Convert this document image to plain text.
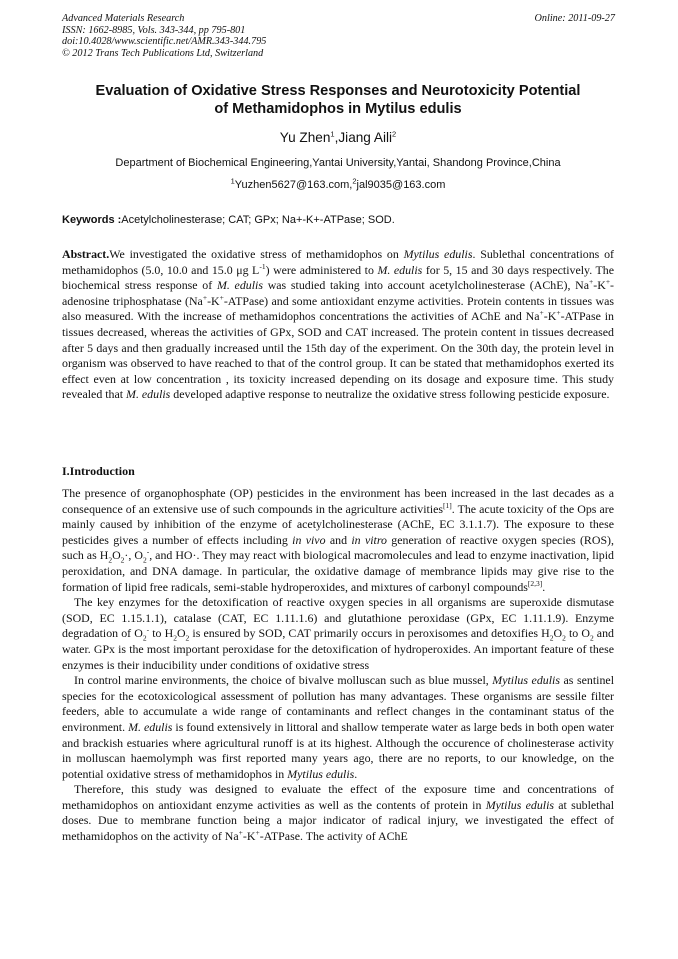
Advanced Materials Research
ISSN: 1662-8985, Vols. 343-344, pp 795-801
doi:10.4028/www.scientific.net/AMR.343-344.795
© 2012 Trans Tech Publications Ltd, Switzerland
Online: 2011-09-27
Evaluation of Oxidative Stress Responses and Neurotoxicity Potential
of Methamidophos in Mytilus edulis
Yu Zhen$^1$,Jiang Aili$^2$
Department of Biochemical Engineering,Yantai University,Yantai, Shandong Province,China
$^1$Yuzhen5627@163.com,$^2$jal9035@163.com
Keywords :Acetylcholinesterase; CAT; GPx; Na+-K+-ATPase; SOD.

Abstract.We investigated the oxidative stress of methamidophos on Mytilus edulis. Sublethal concentrations of methamidophos (5.0, 10.0 and 15.0 μg $L^{-1}$) were administered to M. edulis for 5, 15 and 30 days respectively. The biochemical stress response of M. edulis was studied taking into account acetylcholinesterase (AChE), Na+-K+-adenosine triphosphatase (Na+-K+-ATPase) and some antioxidant enzyme activities. Protein contents in tissues was also measured. With the increase of methamidophos concentrations the activities of AChE and Na+-K+-ATPase in tissues decreased, whereas the activities of GPx, SOD and CAT increased. The protein content in tissues decreased after 5 days and then gradually increased until the 15th day of the experiment. On the 30th day, the protein level in organism was observed to have reached to that of the control group. It can be stated that methamidophos exerted its effect even at low concentration , its toxicity increased depending on its dosage and exposure time. This study revealed that M. edulis developed adaptive response to neutralize the oxidative stress following pesticide exposure.

I.Introduction

The presence of organophosphate (OP) pesticides in the environment has been increased in the last decades as a consequence of an extensive use of such compounds in the agriculture activities[1]. The acute toxicity of the Ops are mainly caused by inhibition of the enzyme of acetylcholinesterase (AChE, EC 3.1.1.7). The exposure to these pesticides gives a number of effects including in vivo and in vitro generation of reactive oxygen species (ROS), such as $H_2O_2\cdot$, $O_2^-$, and HO·. They may react with biological macromolecules and lead to enzyme inactivation, lipid peroxidation, and DNA damage. In particular, the oxidative damage of membrance lipids may give rise to the formation of lipid free radicals, semi-stable hydroperoxides, and mixtures of carbonyl compounds[2,3].

The key enzymes for the detoxification of reactive oxygen species in all organisms are superoxide dismutase (SOD, EC 1.15.1.1), catalase (CAT, EC 1.11.1.6) and glutathione peroxidase (GPx, EC 1.11.1.9). Enzyme degradation of $O_2^-$ to $H_2O_2$ is ensured by SOD, CAT primarily occurs in peroxisomes and detoxifies $H_2O_2$ to $O_2$ and water. GPx is the most important peroxidase for the detoxification of hydroperoxides. An important feature of these enzymes is their inducibility under conditions of oxidative stress

In control marine environments, the choice of bivalve molluscan such as blue mussel, Mytilus edulis as sentinel species for the ecotoxicological assessment of pollution has many advantages. These organisms are sessile filter feeders, able to accumulate a wide range of contaminants and reflect changes in the contaminant status of the environment. M. edulis is found extensively in littoral and shallow temperate water as large beds in both open water and brackish estuaries where agricultural runoff is at its highest. Although the occurence of cholinesterase activity in molluscan haemolymph was first reported many years ago, there are no reports, to our knowledge, on the potential oxidative stress of methamidophos in Mytilus edulis.

Therefore, this study was designed to evaluate the effect of the exposure time and concentrations of methamidophos on antioxidant enzyme activities as well as the contents of protein in Mytilus edulis at sublethal doses. Due to membrane function being a major indicator of radical injury, we investigated the effect of methamidophos on the activity of Na+-K+-ATPase. The activity of AChE
